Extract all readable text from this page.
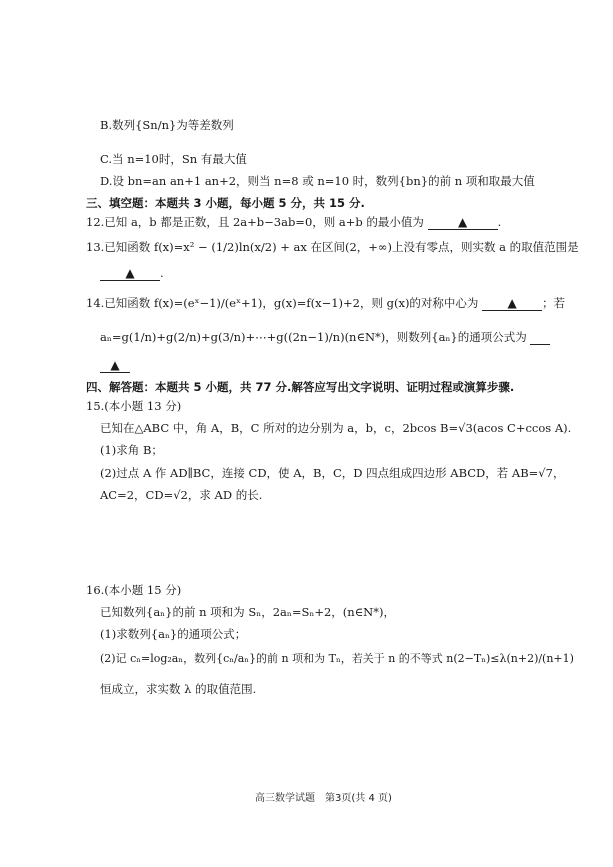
B.数列{Sn/n}为等差数列
C.当 n=10时，Sn 有最大值
D.设 bn=an an+1 an+2，则当 n=8 或 n=10 时，数列{bn}的前 n 项和取最大值
三、填空题：本题共 3 小题，每小题 5 分，共 15 分.
12.已知 a，b 都是正数，且 2a+b−3ab=0，则 a+b 的最小值为	▲	.
13.已知函数 f(x)=x² − (1/2)ln(x/2) + ax 在区间(2，+∞)上没有零点，则实数 a 的取值范围是
▲ .
14.已知函数 f(x)=(eˣ−1)/(eˣ+1)，g(x)=f(x−1)+2，则 g(x)的对称中心为 ▲ ；若
aₙ=g(1/n)+g(2/n)+g(3/n)+⋯+g((2n−1)/n)(n∈N*)，则数列{aₙ}的通项公式为
▲
四、解答题：本题共 5 小题，共 77 分.解答应写出文字说明、证明过程或演算步骤.
15.(本小题 13 分)
已知在△ABC 中，角 A，B，C 所对的边分别为 a，b，c，2bcos B=√3(acos C+ccos A).
(1)求角 B；
(2)过点 A 作 AD∥BC，连接 CD，使 A，B，C，D 四点组成四边形 ABCD，若 AB=√7，
AC=2，CD=√2，求 AD 的长.
16.(本小题 15 分)
已知数列{aₙ}的前 n 项和为 Sₙ，2aₙ=Sₙ+2，(n∈N*)，
(1)求数列{aₙ}的通项公式；
(2)记 cₙ=log₂aₙ，数列{cₙ/aₙ}的前 n 项和为 Tₙ，若关于 n 的不等式 n(2−Tₙ)≤λ(n+2)/(n+1)
恒成立，求实数 λ 的取值范围.
高三数学试题　第3页(共 4 页)
